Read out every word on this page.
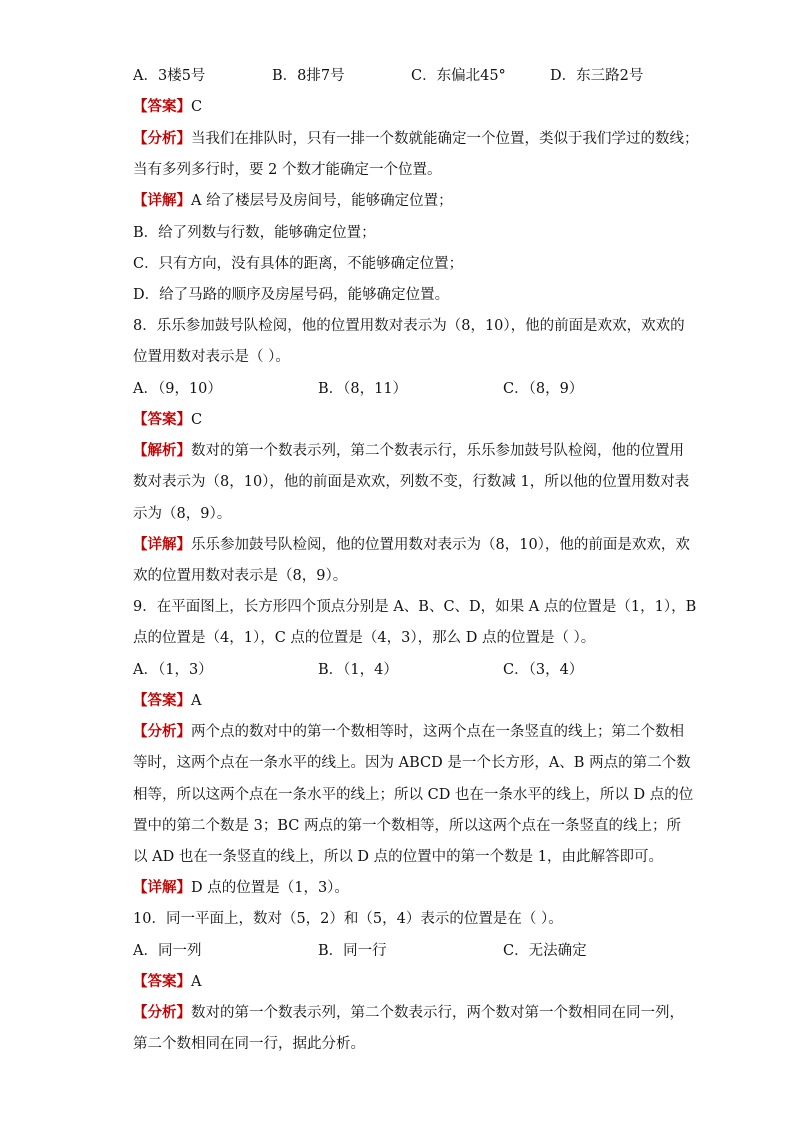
A．3楼5号	B．8排7号	C．东偏北45°	D．东三路2号
【答案】C
【分析】当我们在排队时，只有一排一个数就能确定一个位置，类似于我们学过的数线；
当有多列多行时，要 2 个数才能确定一个位置。
【详解】A 给了楼层号及房间号，能够确定位置；
B．给了列数与行数，能够确定位置；
C．只有方向，没有具体的距离，不能够确定位置；
D．给了马路的顺序及房屋号码，能够确定位置。
8．乐乐参加鼓号队检阅，他的位置用数对表示为（8，10），他的前面是欢欢，欢欢的
位置用数对表示是（ ）。
A．（9，10）	B．（8，11）	C．（8，9）
【答案】C
【解析】数对的第一个数表示列，第二个数表示行，乐乐参加鼓号队检阅，他的位置用
数对表示为（8，10），他的前面是欢欢，列数不变，行数减 1，所以他的位置用数对表
示为（8，9）。
【详解】乐乐参加鼓号队检阅，他的位置用数对表示为（8，10），他的前面是欢欢，欢
欢的位置用数对表示是（8，9）。
9．在平面图上，长方形四个顶点分别是 A、B、C、D，如果 A 点的位置是（1，1），B
点的位置是（4，1），C 点的位置是（4，3），那么 D 点的位置是（ ）。
A．（1，3）	B．（1，4）	C．（3，4）
【答案】A
【分析】两个点的数对中的第一个数相等时，这两个点在一条竖直的线上；第二个数相
等时，这两个点在一条水平的线上。因为 ABCD 是一个长方形，A、B 两点的第二个数
相等，所以这两个点在一条水平的线上；所以 CD 也在一条水平的线上，所以 D 点的位
置中的第二个数是 3；BC 两点的第一个数相等，所以这两个点在一条竖直的线上；所
以 AD 也在一条竖直的线上，所以 D 点的位置中的第一个数是 1，由此解答即可。
【详解】D 点的位置是（1，3）。
10．同一平面上，数对（5，2）和（5，4）表示的位置是在（ ）。
A．同一列	B．同一行	C．无法确定
【答案】A
【分析】数对的第一个数表示列，第二个数表示行，两个数对第一个数相同在同一列，
第二个数相同在同一行，据此分析。
